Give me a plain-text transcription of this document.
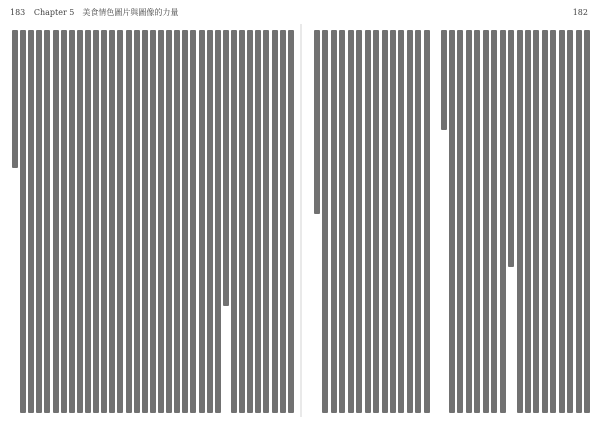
183 Chapter 5　美食情色圖片與圖像的力量	182
